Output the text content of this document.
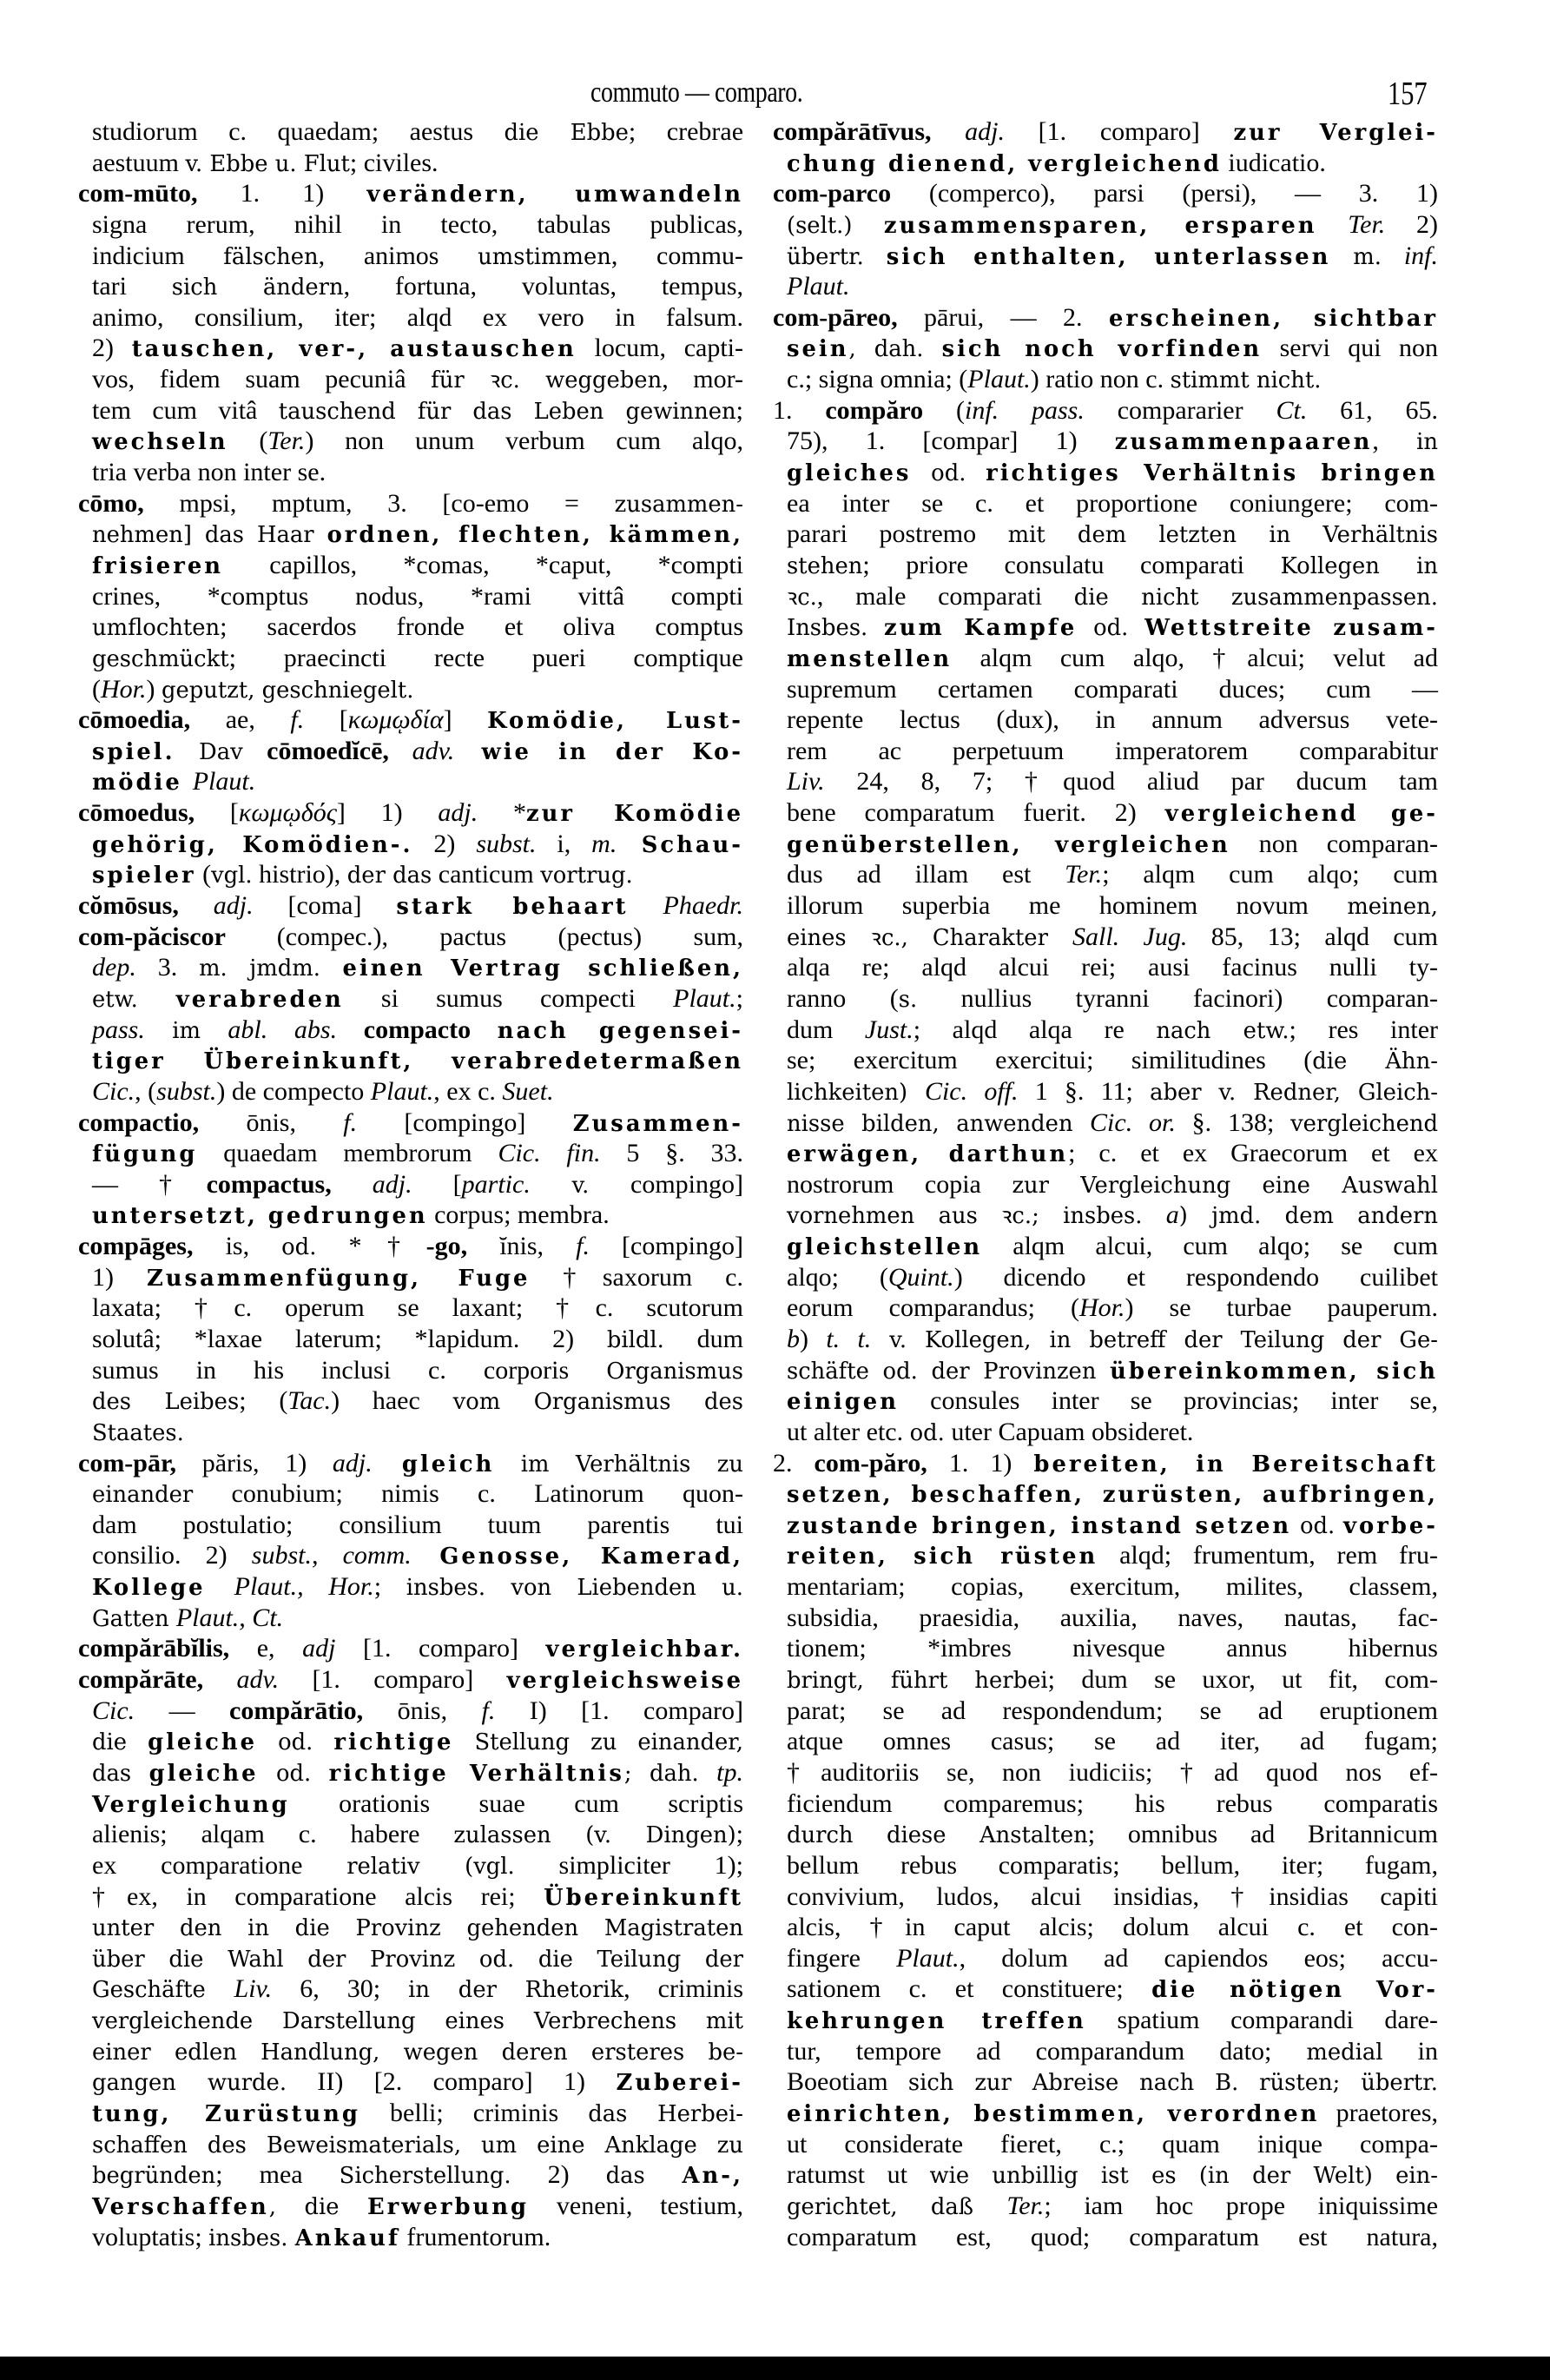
commuto — comparo.	157
studiorum c. quaedam; aestus die Ebbe; crebrae
aestuum v. Ebbe u. Flut; civiles.
com-mūto, 1. 1) verändern, umwandeln
signa rerum, nihil in tecto, tabulas publicas,
indicium fälschen, animos umstimmen, commu-
tari sich ändern, fortuna, voluntas, tempus,
animo, consilium, iter; alqd ex vero in falsum.
2) tauschen, ver-, austauschen locum, capti-
vos, fidem suam pecuniâ für ꝛc. weggeben, mor-
tem cum vitâ tauschend für das Leben gewinnen;
wechseln (Ter.) non unum verbum cum alqo,
tria verba non inter se.
cōmo, mpsi, mptum, 3. [co-emo = zusammen-
nehmen] das Haar ordnen, flechten, kämmen,
frisieren capillos, *comas, *caput, *compti
crines, *comptus nodus, *rami vittâ compti
umflochten; sacerdos fronde et oliva comptus
geschmückt; praecincti recte pueri comptique
(Hor.) geputzt, geschniegelt.
cōmoedia, ae, f. [κωμῳδία] Komödie, Lust-
spiel. Dav cōmoedĭcē, adv. wie in der Ko-
mödie Plaut.
cōmoedus, [κωμῳδός] 1) adj. *zur Komödie
gehörig, Komödien-. 2) subst. i, m. Schau-
spieler (vgl. histrio), der das canticum vortrug.
cŏmōsus, adj. [coma] stark behaart Phaedr.
com-păciscor (compec.), pactus (pectus) sum,
dep. 3. m. jmdm. einen Vertrag schließen,
etw. verabreden si sumus compecti Plaut.;
pass. im abl. abs. compacto nach gegensei-
tiger Übereinkunft, verabredetermaßen
Cic., (subst.) de compecto Plaut., ex c. Suet.
compactio, ōnis, f. [compingo] Zusammen-
fügung quaedam membrorum Cic. fin. 5 §. 33.
— †compactus, adj. [partic. v. compingo]
untersetzt, gedrungen corpus; membra.
compāges, is, od. *†-go, ĭnis, f. [compingo]
1) Zusammenfügung, Fuge †saxorum c.
laxata; †c. operum se laxant; †c. scutorum
solutâ; *laxae laterum; *lapidum. 2) bildl. dum
sumus in his inclusi c. corporis Organismus
des Leibes; (Tac.) haec vom Organismus des
Staates.
com-pār, păris, 1) adj. gleich im Verhältnis zu
einander conubium; nimis c. Latinorum quon-
dam postulatio; consilium tuum parentis tui
consilio. 2) subst., comm. Genosse, Kamerad,
Kollege Plaut., Hor.; insbes. von Liebenden u.
Gatten Plaut., Ct.
compărābĭlis, e, adj [1. comparo] vergleichbar.
compărāte, adv. [1. comparo] vergleichsweise
Cic. — compărātio, ōnis, f. I) [1. comparo]
die gleiche od. richtige Stellung zu einander,
das gleiche od. richtige Verhältnis; dah. tp.
Vergleichung orationis suae cum scriptis
alienis; alqam c. habere zulassen (v. Dingen);
ex comparatione relativ (vgl. simpliciter 1);
†ex, in comparatione alcis rei; Übereinkunft
unter den in die Provinz gehenden Magistraten
über die Wahl der Provinz od. die Teilung der
Geschäfte Liv. 6, 30; in der Rhetorik, criminis
vergleichende Darstellung eines Verbrechens mit
einer edlen Handlung, wegen deren ersteres be-
gangen wurde. II) [2. comparo] 1) Zuberei-
tung, Zurüstung belli; criminis das Herbei-
schaffen des Beweismaterials, um eine Anklage zu
begründen; mea Sicherstellung. 2) das An-,
Verschaffen, die Erwerbung veneni, testium,
voluptatis; insbes. Ankauf frumentorum.
compărātīvus, adj. [1. comparo] zur Verglei-
chung dienend, vergleichend iudicatio.
com-parco (comperco), parsi (persi), — 3. 1)
(selt.) zusammensparen, ersparen Ter. 2)
übertr. sich enthalten, unterlassen m. inf.
Plaut.
com-pāreo, pārui, — 2. erscheinen, sichtbar
sein, dah. sich noch vorfinden servi qui non
c.; signa omnia; (Plaut.) ratio non c. stimmt nicht.
1. compăro (inf. pass. compararier Ct. 61, 65.
75), 1. [compar] 1) zusammenpaaren, in
gleiches od. richtiges Verhältnis bringen
ea inter se c. et proportione coniungere; com-
parari postremo mit dem letzten in Verhältnis
stehen; priore consulatu comparati Kollegen in
ꝛc., male comparati die nicht zusammenpassen.
Insbes. zum Kampfe od. Wettstreite zusam-
menstellen alqm cum alqo, †alcui; velut ad
supremum certamen comparati duces; cum —
repente lectus (dux), in annum adversus vete-
rem ac perpetuum imperatorem comparabitur
Liv. 24, 8, 7; †quod aliud par ducum tam
bene comparatum fuerit. 2) vergleichend ge-
genüberstellen, vergleichen non comparan-
dus ad illam est Ter.; alqm cum alqo; cum
illorum superbia me hominem novum meinen,
eines ꝛc., Charakter Sall. Jug. 85, 13; alqd cum
alqa re; alqd alcui rei; ausi facinus nulli ty-
ranno (s. nullius tyranni facinori) comparan-
dum Just.; alqd alqa re nach etw.; res inter
se; exercitum exercitui; similitudines (die Ähn-
lichkeiten) Cic. off. 1 §. 11; aber v. Redner, Gleich-
nisse bilden, anwenden Cic. or. §. 138; vergleichend
erwägen, darthun; c. et ex Graecorum et ex
nostrorum copia zur Vergleichung eine Auswahl
vornehmen aus ꝛc.; insbes. a) jmd. dem andern
gleichstellen alqm alcui, cum alqo; se cum
alqo; (Quint.) dicendo et respondendo cuilibet
eorum comparandus; (Hor.) se turbae pauperum.
b) t. t. v. Kollegen, in betreff der Teilung der Ge-
schäfte od. der Provinzen übereinkommen, sich
einigen consules inter se provincias; inter se,
ut alter etc. od. uter Capuam obsideret.
2. com-păro, 1. 1) bereiten, in Bereitschaft
setzen, beschaffen, zurüsten, aufbringen,
zustande bringen, instand setzen od. vorbe-
reiten, sich rüsten alqd; frumentum, rem fru-
mentariam; copias, exercitum, milites, classem,
subsidia, praesidia, auxilia, naves, nautas, fac-
tionem; *imbres nivesque annus hibernus
bringt, führt herbei; dum se uxor, ut fit, com-
parat; se ad respondendum; se ad eruptionem
atque omnes casus; se ad iter, ad fugam;
†auditoriis se, non iudiciis; †ad quod nos ef-
ficiendum comparemus; his rebus comparatis
durch diese Anstalten; omnibus ad Britannicum
bellum rebus comparatis; bellum, iter; fugam,
convivium, ludos, alcui insidias, †insidias capiti
alcis, †in caput alcis; dolum alcui c. et con-
fingere Plaut., dolum ad capiendos eos; accu-
sationem c. et constituere; die nötigen Vor-
kehrungen treffen spatium comparandi dare-
tur, tempore ad comparandum dato; medial in
Boeotiam sich zur Abreise nach B. rüsten; übertr.
einrichten, bestimmen, verordnen praetores,
ut considerate fieret, c.; quam inique compa-
ratumst ut wie unbillig ist es (in der Welt) ein-
gerichtet, daß Ter.; iam hoc prope iniquissime
comparatum est, quod; comparatum est natura,
